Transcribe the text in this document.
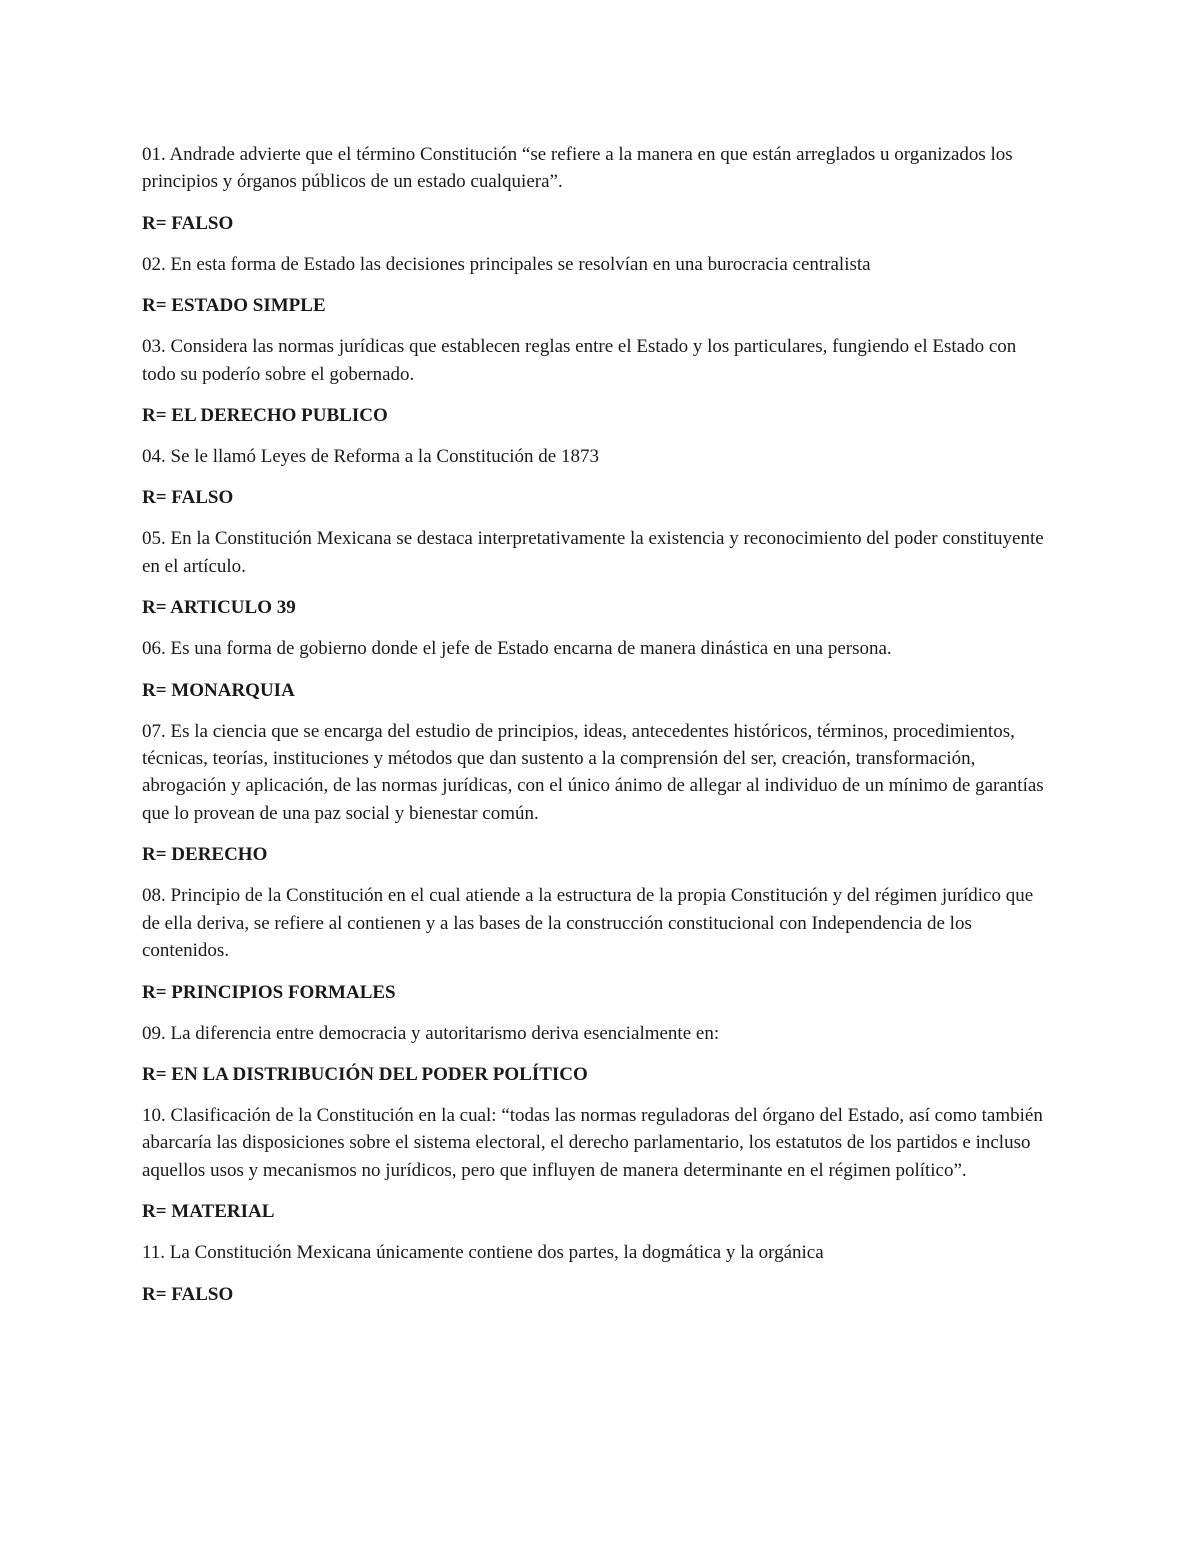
01. Andrade advierte que el término Constitución “se refiere a la manera en que están arreglados u organizados los principios y órganos públicos de un estado cualquiera”.

R= FALSO

02. En esta forma de Estado las decisiones principales se resolvían en una burocracia centralista

R= ESTADO SIMPLE

03. Considera las normas jurídicas que establecen reglas entre el Estado y los particulares, fungiendo el Estado con todo su poderío sobre el gobernado.

R= EL DERECHO PUBLICO

04. Se le llamó Leyes de Reforma a la Constitución de 1873

R= FALSO

05. En la Constitución Mexicana se destaca interpretativamente la existencia y reconocimiento del poder constituyente en el artículo.

R= ARTICULO 39

06. Es una forma de gobierno donde el jefe de Estado encarna de manera dinástica en una persona.

R= MONARQUIA

07. Es la ciencia que se encarga del estudio de principios, ideas, antecedentes históricos, términos, procedimientos, técnicas, teorías, instituciones y métodos que dan sustento a la comprensión del ser, creación, transformación, abrogación y aplicación, de las normas jurídicas, con el único ánimo de allegar al individuo de un mínimo de garantías que lo provean de una paz social y bienestar común.

R= DERECHO

08. Principio de la Constitución en el cual atiende a la estructura de la propia Constitución y del régimen jurídico que de ella deriva, se refiere al contienen y a las bases de la construcción constitucional con Independencia de los contenidos.

R= PRINCIPIOS FORMALES

09. La diferencia entre democracia y autoritarismo deriva esencialmente en:

R= EN LA DISTRIBUCIÓN DEL PODER POLÍTICO

10. Clasificación de la Constitución en la cual: “todas las normas reguladoras del órgano del Estado, así como también abarcaría las disposiciones sobre el sistema electoral, el derecho parlamentario, los estatutos de los partidos e incluso aquellos usos y mecanismos no jurídicos, pero que influyen de manera determinante en el régimen político”.

R= MATERIAL

11. La Constitución Mexicana únicamente contiene dos partes, la dogmática y la orgánica

R= FALSO
